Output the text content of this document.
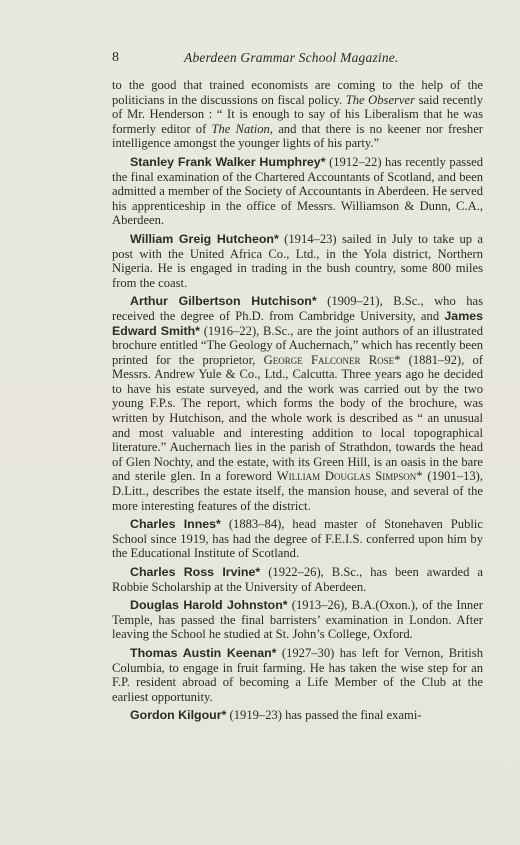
8	Aberdeen Grammar School Magazine.

to the good that trained economists are coming to the help of the politicians in the discussions on fiscal policy. The Observer said recently of Mr. Henderson : “ It is enough to say of his Liberalism that he was formerly editor of The Nation, and that there is no keener nor fresher intelligence amongst the younger lights of his party.”

Stanley Frank Walker Humphrey* (1912–22) has recently passed the final examination of the Chartered Accountants of Scotland, and been admitted a member of the Society of Accountants in Aberdeen. He served his apprenticeship in the office of Messrs. Williamson & Dunn, C.A., Aberdeen.

William Greig Hutcheon* (1914–23) sailed in July to take up a post with the United Africa Co., Ltd., in the Yola district, Northern Nigeria. He is engaged in trading in the bush country, some 800 miles from the coast.

Arthur Gilbertson Hutchison* (1909–21), B.Sc., who has received the degree of Ph.D. from Cambridge University, and James Edward Smith* (1916–22), B.Sc., are the joint authors of an illustrated brochure entitled “The Geology of Auchernach,” which has recently been printed for the proprietor, George Falconer Rose* (1881–92), of Messrs. Andrew Yule & Co., Ltd., Calcutta. Three years ago he decided to have his estate surveyed, and the work was carried out by the two young F.P.s. The report, which forms the body of the brochure, was written by Hutchison, and the whole work is described as “ an unusual and most valuable and interesting addition to local topographical literature.” Auchernach lies in the parish of Strathdon, towards the head of Glen Nochty, and the estate, with its Green Hill, is an oasis in the bare and sterile glen. In a foreword William Douglas Simpson* (1901–13), D.Litt., describes the estate itself, the mansion house, and several of the more interesting features of the district.

Charles Innes* (1883–84), head master of Stonehaven Public School since 1919, has had the degree of F.E.I.S. conferred upon him by the Educational Institute of Scotland.

Charles Ross Irvine* (1922–26), B.Sc., has been awarded a Robbie Scholarship at the University of Aberdeen.

Douglas Harold Johnston* (1913–26), B.A.(Oxon.), of the Inner Temple, has passed the final barristers’ examination in London. After leaving the School he studied at St. John’s College, Oxford.

Thomas Austin Keenan* (1927–30) has left for Vernon, British Columbia, to engage in fruit farming. He has taken the wise step for an F.P. resident abroad of becoming a Life Member of the Club at the earliest opportunity.

Gordon Kilgour* (1919–23) has passed the final exami-
